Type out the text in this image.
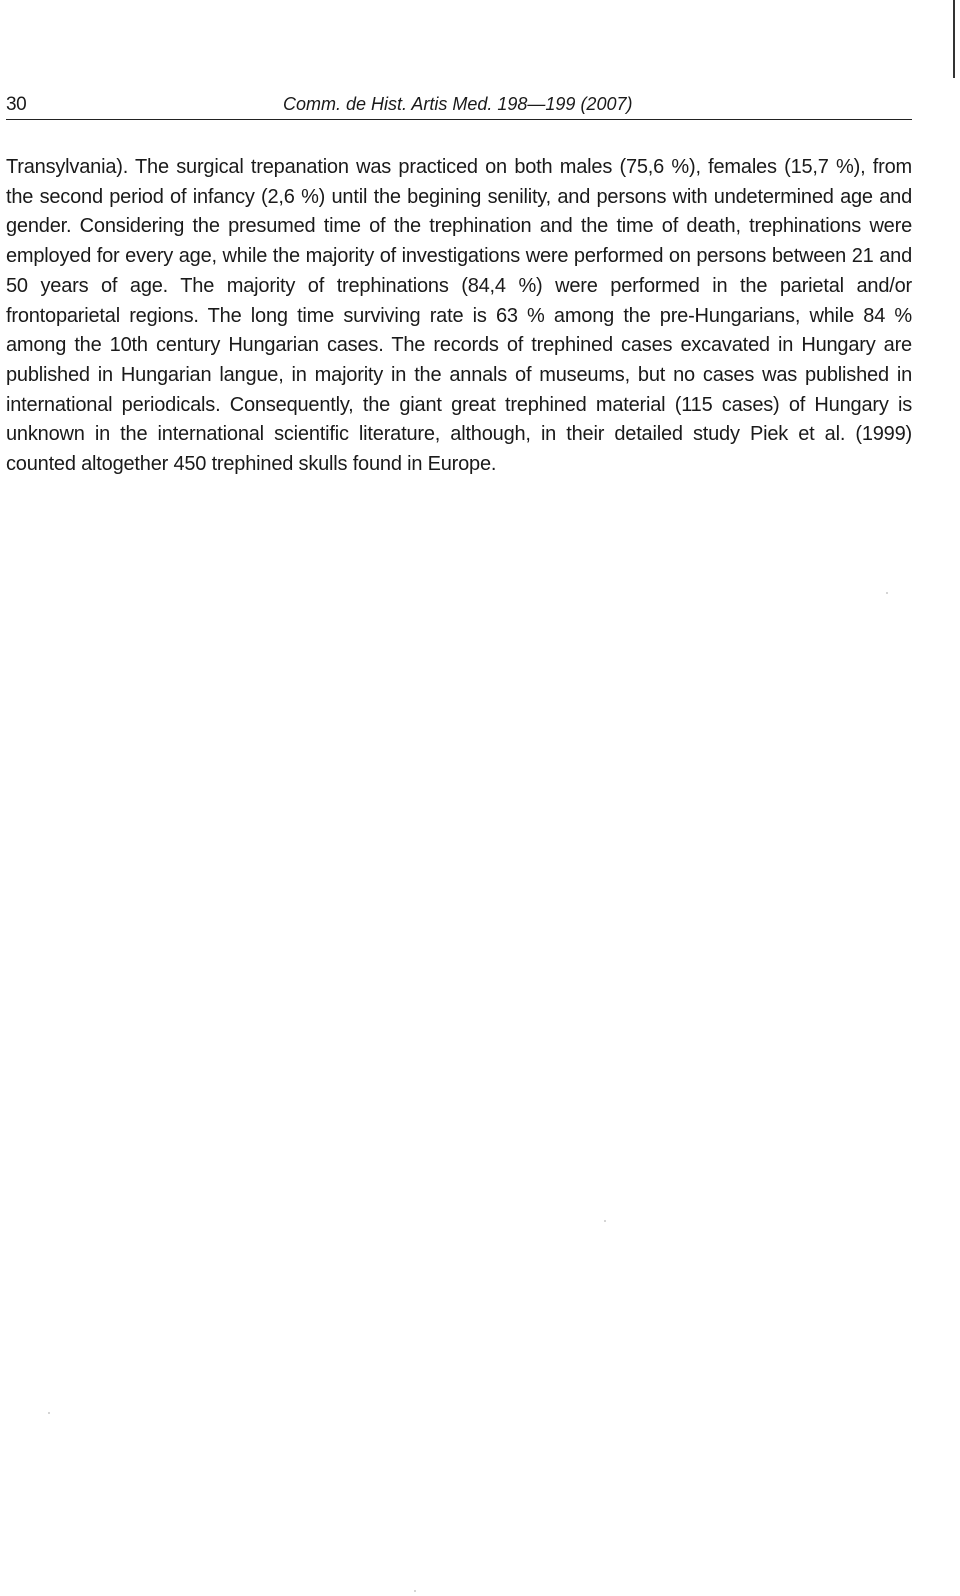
30	Comm. de Hist. Artis Med. 198—199 (2007)

Transylvania). The surgical trepanation was practiced on both males (75,6 %), females (15,7 %), from the second period of infancy (2,6 %) until the begining senility, and persons with undetermined age and gender. Considering the presumed time of the trephination and the time of death, trephinations were employed for every age, while the majority of investigations were performed on persons between 21 and 50 years of age. The majority of trephinations (84,4 %) were performed in the parietal and/or frontoparietal regions. The long time surviving rate is 63 % among the pre-Hungarians, while 84 % among the 10th century Hungarian cases. The records of trephined cases excavated in Hungary are published in Hungarian langue, in majority in the annals of museums, but no cases was published in international periodicals. Consequently, the giant great trephined material (115 cases) of Hungary is unknown in the international scientific literature, although, in their detailed study Piek et al. (1999) counted altogether 450 trephined skulls found in Europe.
